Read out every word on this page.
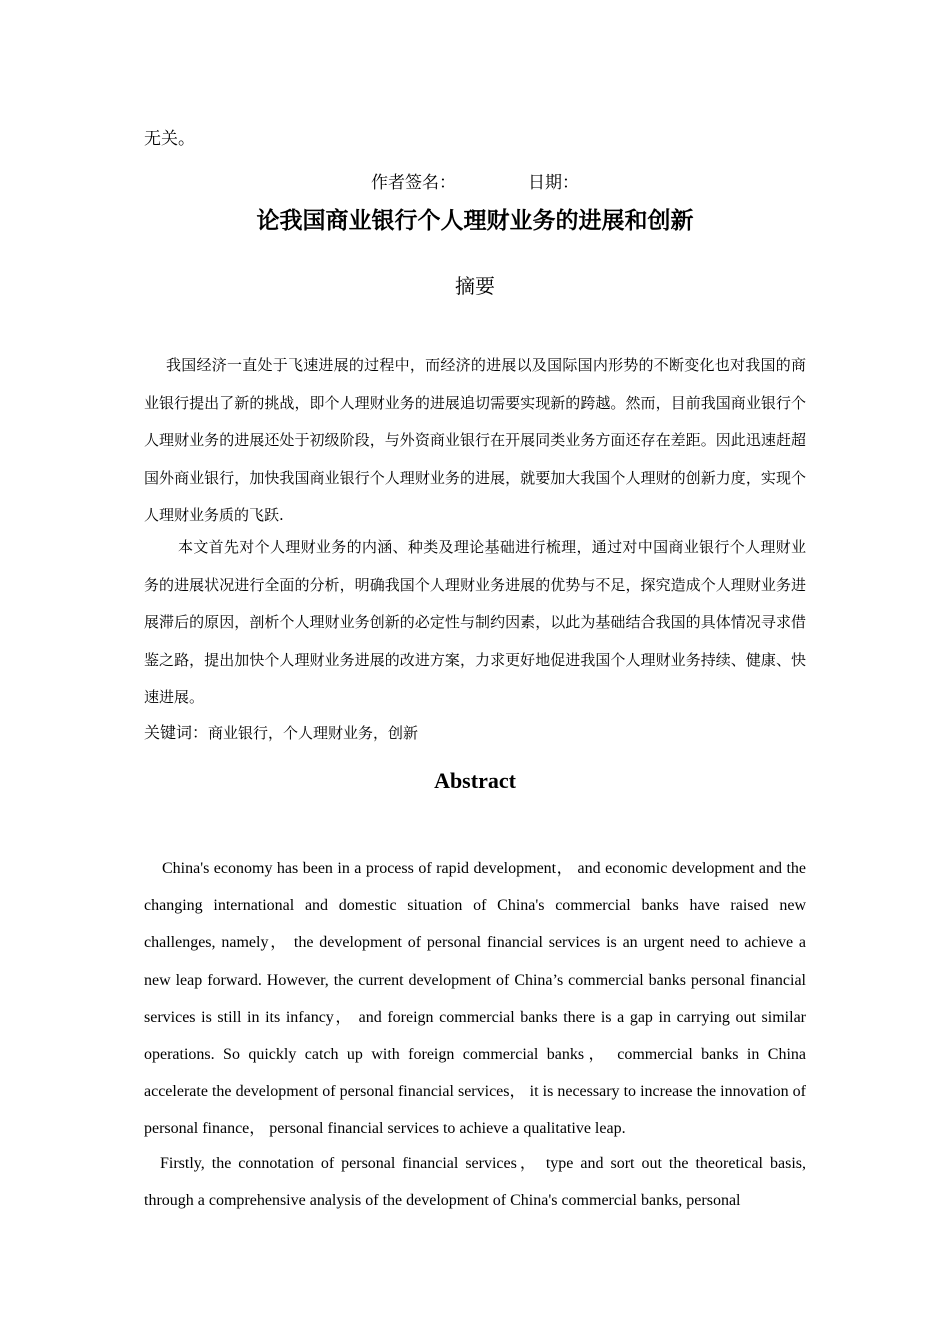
无关。
作者签名：	日期：
论我国商业银行个人理财业务的进展和创新
摘要
我国经济一直处于飞速进展的过程中，而经济的进展以及国际国内形势的不断变化也对我国的商业银行提出了新的挑战，即个人理财业务的进展追切需要实现新的跨越。然而，目前我国商业银行个人理财业务的进展还处于初级阶段，与外资商业银行在开展同类业务方面还存在差距。因此迅速赶超国外商业银行，加快我国商业银行个人理财业务的进展，就要加大我国个人理财的创新力度，实现个人理财业务质的飞跃.
本文首先对个人理财业务的内涵、种类及理论基础进行梳理，通过对中国商业银行个人理财业务的进展状况进行全面的分析，明确我国个人理财业务进展的优势与不足，探究造成个人理财业务进展滞后的原因，剖析个人理财业务创新的必定性与制约因素，以此为基础结合我国的具体情况寻求借鉴之路，提出加快个人理财业务进展的改进方案，力求更好地促进我国个人理财业务持续、健康、快速进展。
关键词：商业银行，个人理财业务，创新
Abstract
China's economy has been in a process of rapid development， and economic development and the changing international and domestic situation of China's commercial banks have raised new challenges, namely， the development of personal financial services is an urgent need to achieve a new leap forward. However, the current development of China’s commercial banks personal financial services is still in its infancy， and foreign commercial banks there is a gap in carrying out similar operations. So quickly catch up with foreign commercial banks， commercial banks in China accelerate the development of personal financial services， it is necessary to increase the innovation of personal finance， personal financial services to achieve a qualitative leap.
Firstly, the connotation of personal financial services， type and sort out the theoretical basis, through a comprehensive analysis of the development of China's commercial banks, personal
